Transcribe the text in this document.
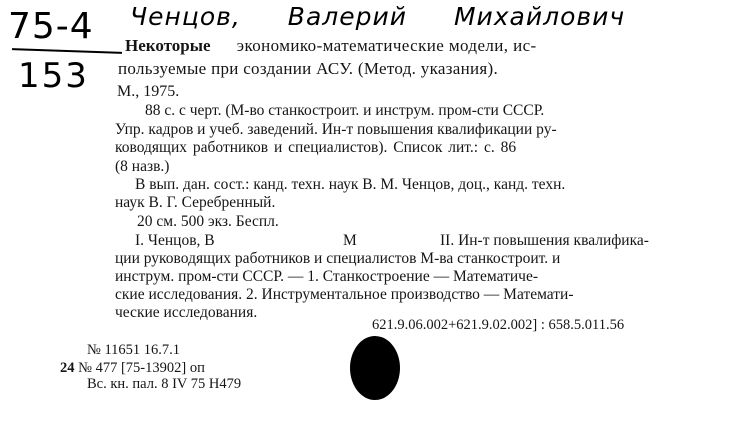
75-4
153
Ченцов, Валерий Михайлович
Некоторые экономико-математические модели, ис-
пользуемые при создании АСУ. (Метод. указания).
М., 1975.
88 с. с черт. (М-во станкостроит. и инструм. пром-сти СССР.
Упр. кадров и учеб. заведений. Ин-т повышения квалификации ру-
ководящих работников и специалистов). Список лит.: с. 86
(8 назв.)
В вып. дан. сост.: канд. техн. наук В. М. Ченцов, доц., канд. техн.
наук В. Г. Серебренный.
20 см. 500 экз. Беспл.
I. Ченцов, В	М	II. Ин-т повышения квалифика-
ции руководящих работников и специалистов М-ва станкостроит. и
инструм. пром-сти СССР. — 1. Станкостроение — Математиче-
ские исследования. 2. Инструментальное производство — Математи-
ческие исследования.
621.9.06.002+621.9.02.002] : 658.5.011.56
№ 11651 16.7.1
24 № 477 [75-13902] оп
Вс. кн. пал. 8 IV 75 Н479
